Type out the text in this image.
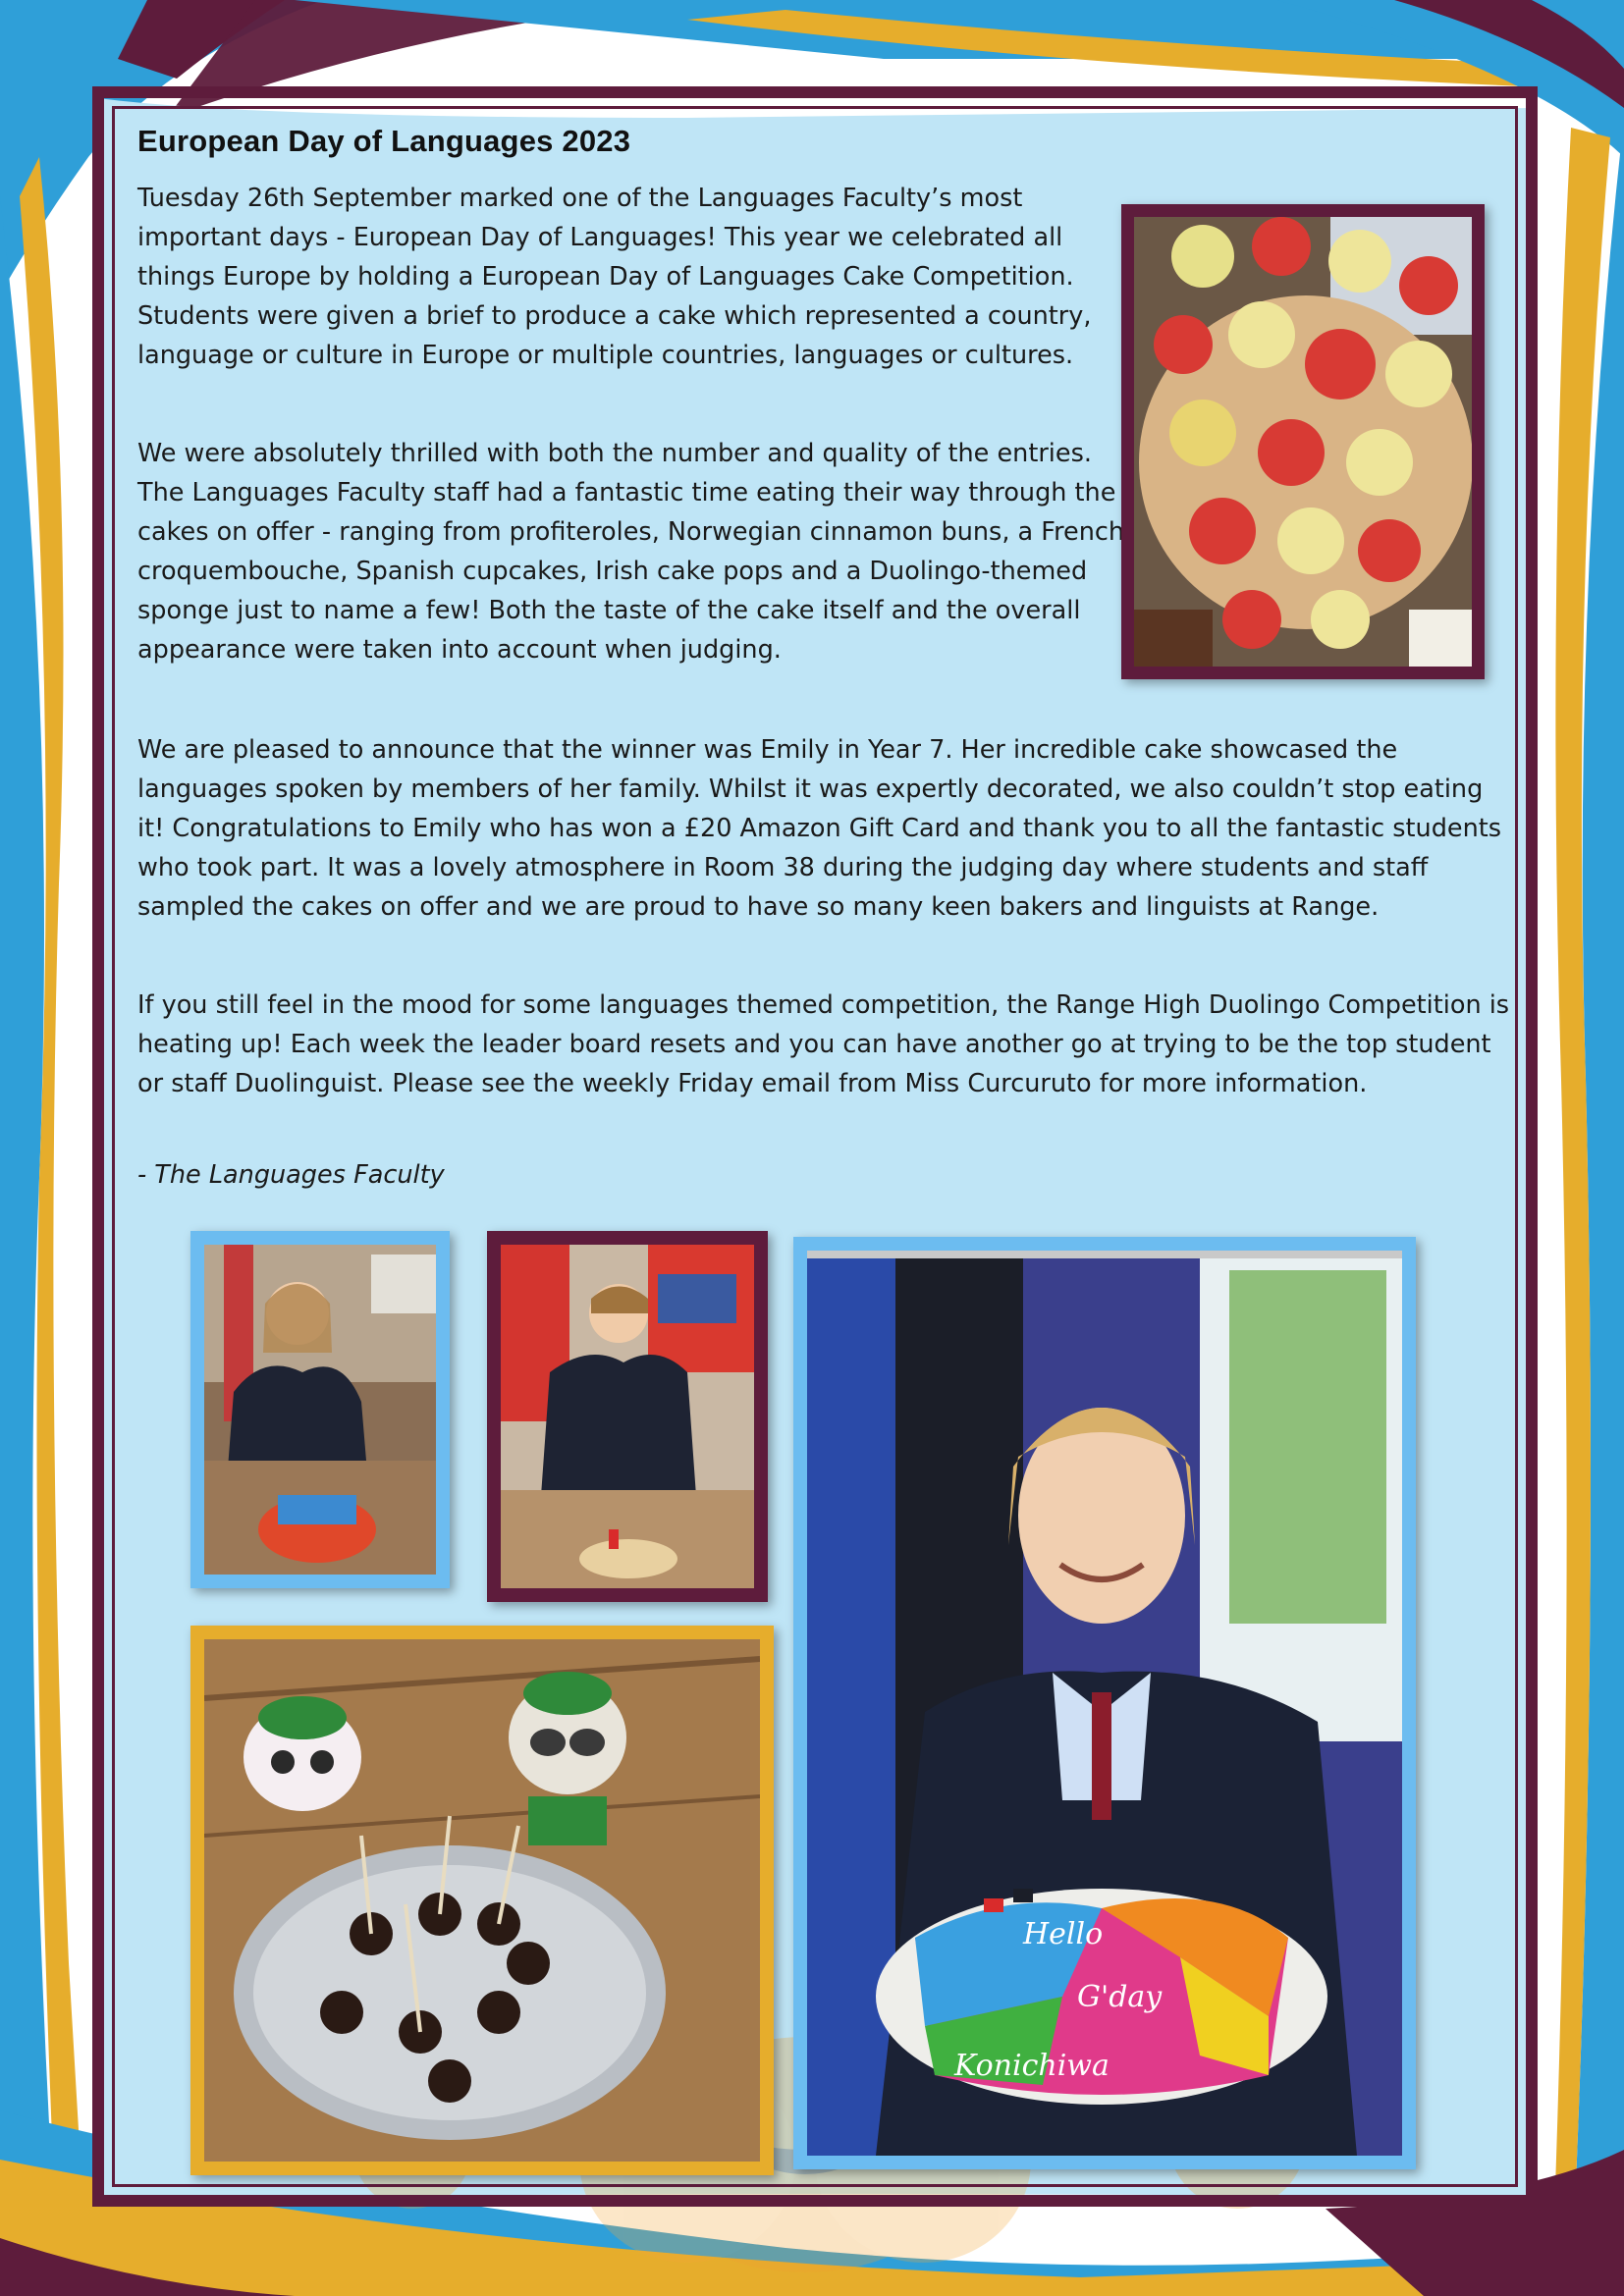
European Day of Languages 2023

Tuesday 26th September marked one of the Languages Faculty’s most important days - European Day of Languages! This year we celebrated all things Europe by holding a European Day of Languages Cake Competition. Students were given a brief to produce a cake which represented a country, language or culture in Europe or multiple countries, languages or cultures.

We were absolutely thrilled with both the number and quality of the entries. The Languages Faculty staff had a fantastic time eating their way through the cakes on offer - ranging from profiteroles, Norwegian cinnamon buns, a French croquembouche, Spanish cupcakes, Irish cake pops and a Duolingo-themed sponge just to name a few! Both the taste of the cake itself and the overall appearance were taken into account when judging.

We are pleased to announce that the winner was Emily in Year 7. Her incredible cake showcased the languages spoken by members of her family. Whilst it was expertly decorated, we also couldn’t stop eating it! Congratulations to Emily who has won a £20 Amazon Gift Card and thank you to all the fantastic students who took part. It was a lovely atmosphere in Room 38 during the judging day where students and staff sampled the cakes on offer and we are proud to have so many keen bakers and linguists at Range.

If you still feel in the mood for some languages themed competition, the Range High Duolingo Competition is heating up! Each week the leader board resets and you can have another go at trying to be the top student or staff Duolinguist. Please see the weekly Friday email from Miss Curcuruto for more information.

- The Languages Faculty

Hello
G'day
Konichiwa
